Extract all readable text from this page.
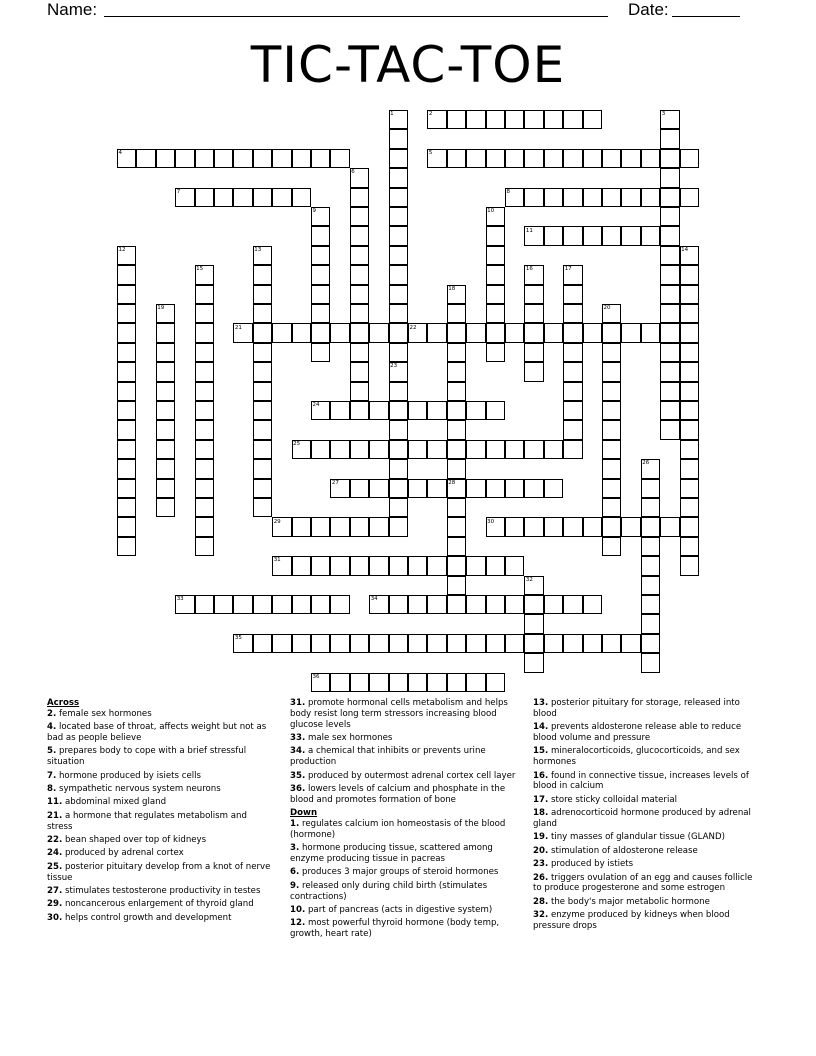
Name:	Date:
TIC-TAC-TOE
1	2	3
4	5
6
7	8
9	10
11
12	13	14
15	16	17
18
19	20
21	22
23
24
25
26
27	28
29	30
31
32
33	34
35
36
Across
2. female sex hormones
4. located base of throat, affects weight but not as bad as people believe
5. prepares body to cope with a brief stressful situation
7. hormone produced by isiets cells
8. sympathetic nervous system neurons
11. abdominal mixed gland
21. a hormone that regulates metabolism and stress
22. bean shaped over top of kidneys
24. produced by adrenal cortex
25. posterior pituitary develop from a knot of nerve tissue
27. stimulates testosterone productivity in testes
29. noncancerous enlargement of thyroid gland
30. helps control growth and development
31. promote hormonal cells metabolism and helps body resist long term stressors increasing blood glucose levels
33. male sex hormones
34. a chemical that inhibits or prevents urine production
35. produced by outermost adrenal cortex cell layer
36. lowers levels of calcium and phosphate in the blood and promotes formation of bone
Down
1. regulates calcium ion homeostasis of the blood (hormone)
3. hormone producing tissue, scattered among enzyme producing tissue in pacreas
6. produces 3 major groups of steroid hormones
9. released only during child birth (stimulates contractions)
10. part of pancreas (acts in digestive system)
12. most powerful thyroid hormone (body temp, growth, heart rate)
13. posterior pituitary for storage, released into blood
14. prevents aldosterone release able to reduce blood volume and pressure
15. mineralocorticoids, glucocorticoids, and sex hormones
16. found in connective tissue, increases levels of blood in calcium
17. store sticky colloidal material
18. adrenocorticoid hormone produced by adrenal gland
19. tiny masses of glandular tissue (GLAND)
20. stimulation of aldosterone release
23. produced by istiets
26. triggers ovulation of an egg and causes follicle to produce progesterone and some estrogen
28. the body's major metabolic hormone
32. enzyme produced by kidneys when blood pressure drops
